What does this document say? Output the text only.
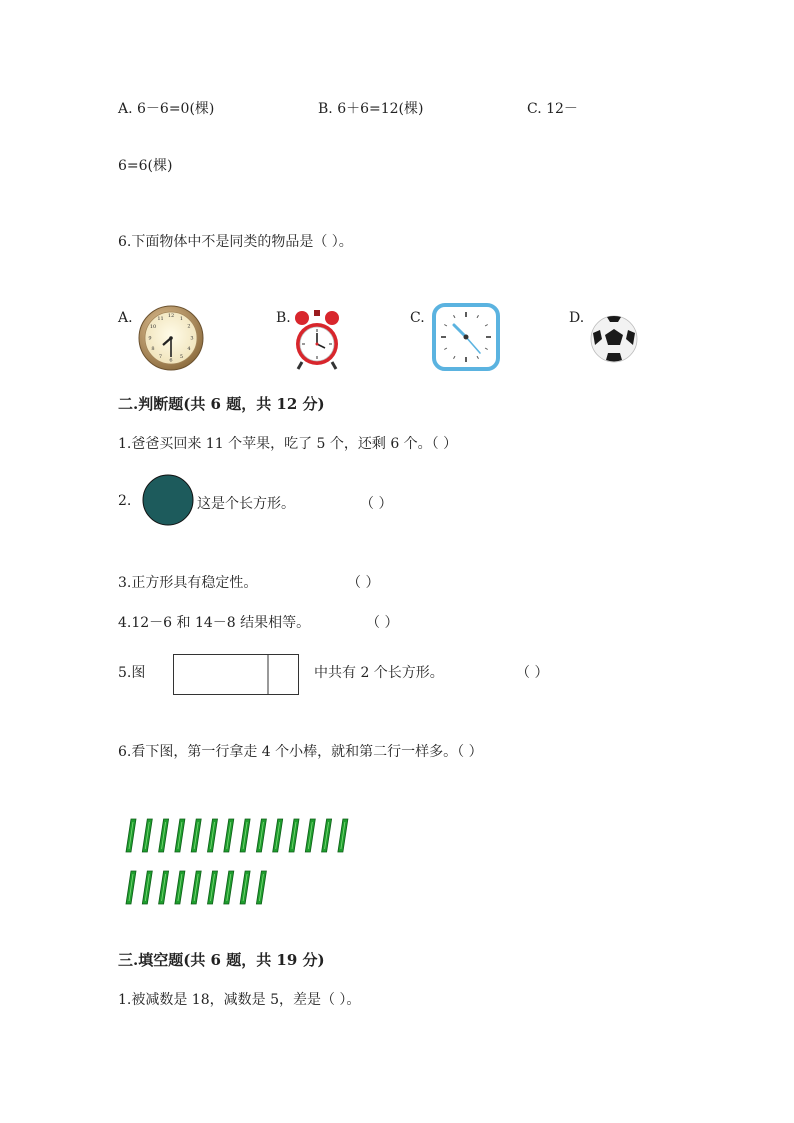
A. 6－6=0(棵)	B. 6＋6=12(棵)	C. 12－
6=6(棵)
6.下面物体中不是同类的物品是（ ）。
A.	B.	C.	D.
12 1
2
3
4
5
6
7
8
9
10
11
二.判断题(共 6 题，共 12 分)
1.爸爸买回来 11 个苹果，吃了 5 个，还剩 6 个。（ ）
2.	这是个长方形。	（ ）
3.正方形具有稳定性。	（ ）
4.12－6 和 14－8 结果相等。	（ ）
5.图	中共有 2 个长方形。	（ ）
6.看下图，第一行拿走 4 个小棒，就和第二行一样多。（ ）
三.填空题(共 6 题，共 19 分)
1.被减数是 18，减数是 5，差是（ ）。
